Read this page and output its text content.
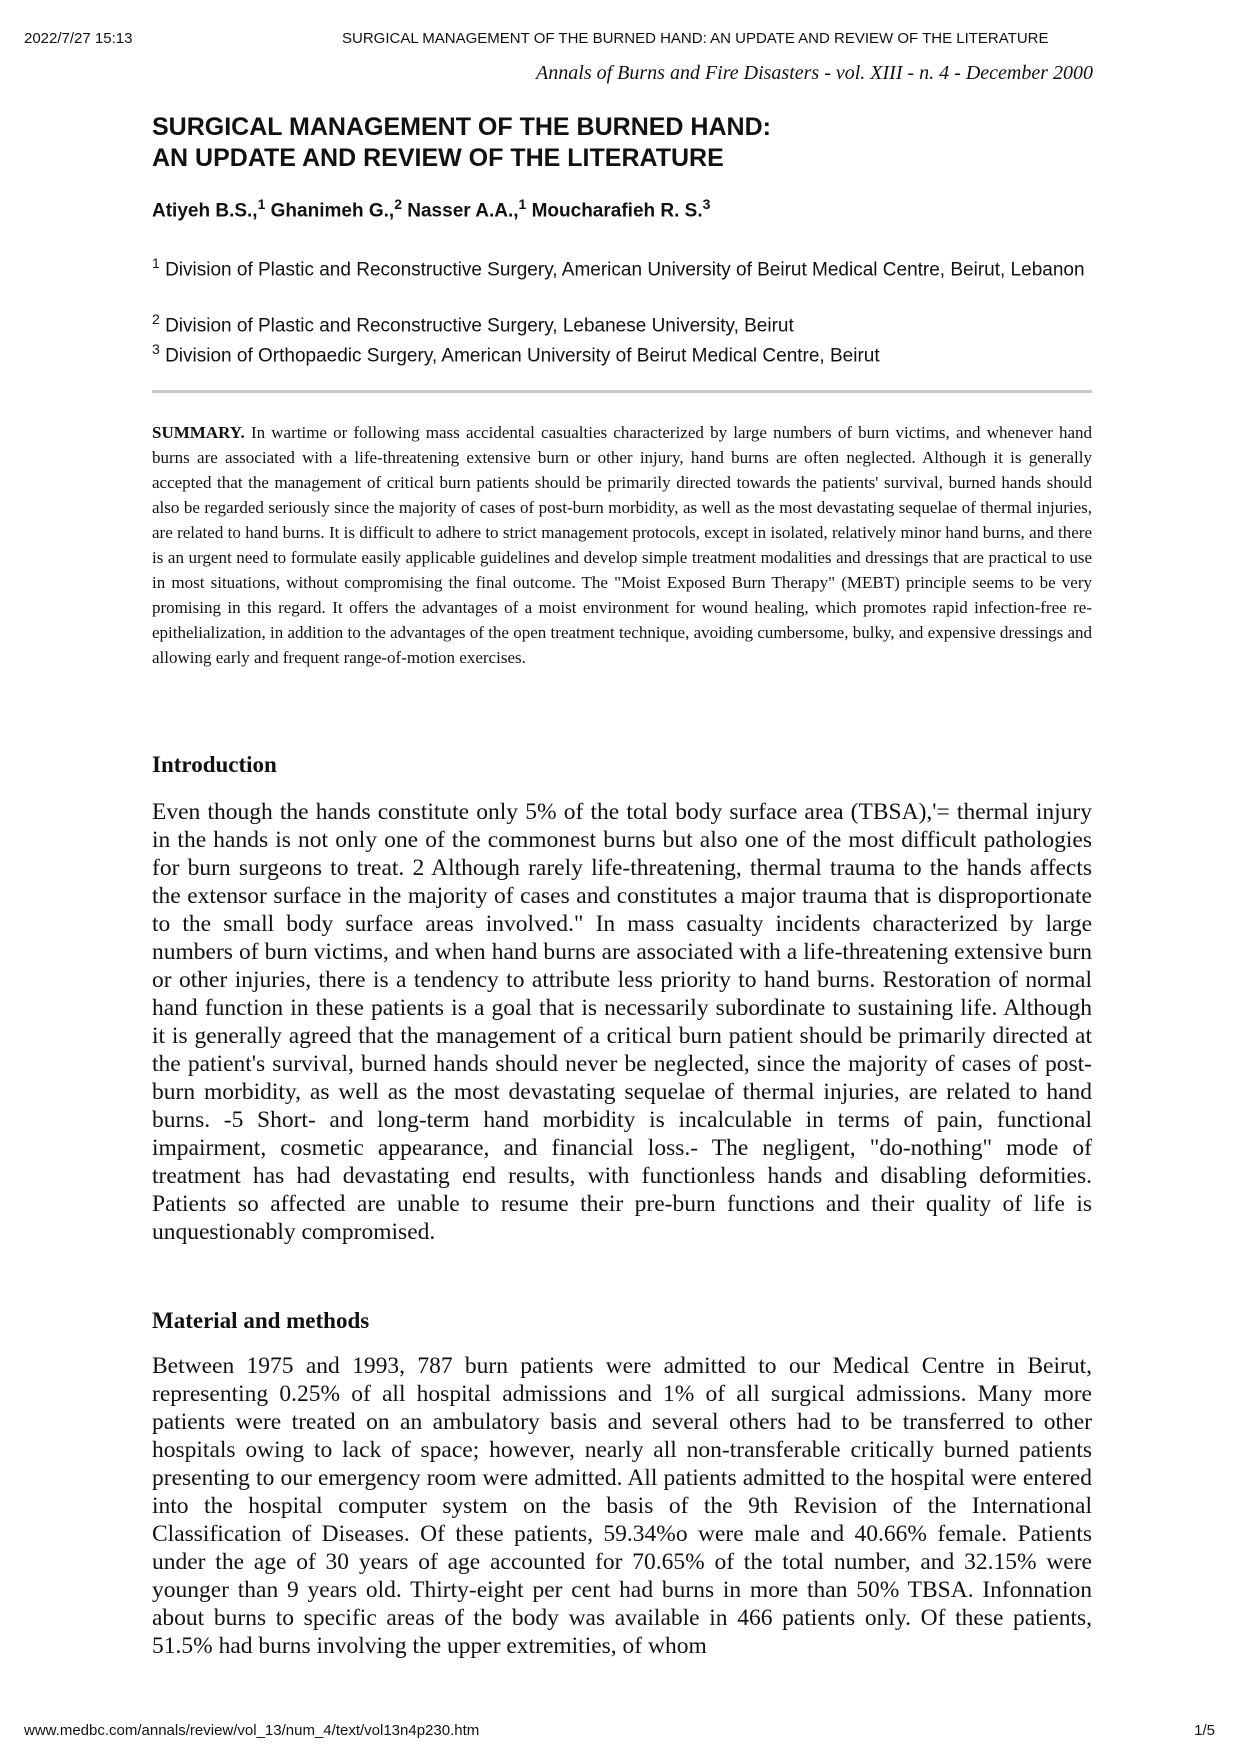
2022/7/27 15:13	SURGICAL MANAGEMENT OF THE BURNED HAND: AN UPDATE AND REVIEW OF THE LITERATURE
Annals of Burns and Fire Disasters - vol. XIII - n. 4 - December 2000
SURGICAL MANAGEMENT OF THE BURNED HAND:
AN UPDATE AND REVIEW OF THE LITERATURE

Atiyeh B.S.,$^1$ Ghanimeh G.,$^2$ Nasser A.A.,$^1$ Moucharafieh R. S.$^3$

$^1$ Division of Plastic and Reconstructive Surgery, American University of Beirut Medical Centre, Beirut, Lebanon

$^2$ Division of Plastic and Reconstructive Surgery, Lebanese University, Beirut

$^3$ Division of Orthopaedic Surgery, American University of Beirut Medical Centre, Beirut

SUMMARY. In wartime or following mass accidental casualties characterized by large numbers of burn victims, and whenever hand burns are associated with a life-threatening extensive burn or other injury, hand burns are often neglected. Although it is generally accepted that the management of critical burn patients should be primarily directed towards the patients' survival, burned hands should also be regarded seriously since the majority of cases of post-burn morbidity, as well as the most devastating sequelae of thermal injuries, are related to hand burns. It is difficult to adhere to strict management protocols, except in isolated, relatively minor hand burns, and there is an urgent need to formulate easily applicable guidelines and develop simple treatment modalities and dressings that are practical to use in most situations, without compromising the final outcome. The "Moist Exposed Burn Therapy" (MEBT) principle seems to be very promising in this regard. It offers the advantages of a moist environment for wound healing, which promotes rapid infection-free re-epithelialization, in addition to the advantages of the open treatment technique, avoiding cumbersome, bulky, and expensive dressings and allowing early and frequent range-of-motion exercises.

Introduction

Even though the hands constitute only 5% of the total body surface area (TBSA),'= thermal injury in the hands is not only one of the commonest burns but also one of the most difficult pathologies for burn surgeons to treat. 2 Although rarely life-threatening, thermal trauma to the hands affects the extensor surface in the majority of cases and constitutes a major trauma that is disproportionate to the small body surface areas involved." In mass casualty incidents characterized by large numbers of burn victims, and when hand burns are associated with a life-threatening extensive burn or other injuries, there is a tendency to attribute less priority to hand burns. Restoration of normal hand function in these patients is a goal that is necessarily subordinate to sustaining life. Although it is generally agreed that the management of a critical burn patient should be primarily directed at the patient's survival, burned hands should never be neglected, since the majority of cases of post-burn morbidity, as well as the most devastating sequelae of thermal injuries, are related to hand burns. -5 Short- and long-term hand morbidity is incalculable in terms of pain, functional impairment, cosmetic appearance, and financial loss.- The negligent, "do-nothing" mode of treatment has had devastating end results, with functionless hands and disabling deformities. Patients so affected are unable to resume their pre-burn functions and their quality of life is unquestionably compromised.

Material and methods

Between 1975 and 1993, 787 burn patients were admitted to our Medical Centre in Beirut, representing 0.25% of all hospital admissions and 1% of all surgical admissions. Many more patients were treated on an ambulatory basis and several others had to be transferred to other hospitals owing to lack of space; however, nearly all non-transferable critically burned patients presenting to our emergency room were admitted. All patients admitted to the hospital were entered into the hospital computer system on the basis of the 9th Revision of the International Classification of Diseases. Of these patients, 59.34%o were male and 40.66% female. Patients under the age of 30 years of age accounted for 70.65% of the total number, and 32.15% were younger than 9 years old. Thirty-eight per cent had burns in more than 50% TBSA. Infonnation about burns to specific areas of the body was available in 466 patients only. Of these patients, 51.5% had burns involving the upper extremities, of whom

www.medbc.com/annals/review/vol_13/num_4/text/vol13n4p230.htm	1/5
